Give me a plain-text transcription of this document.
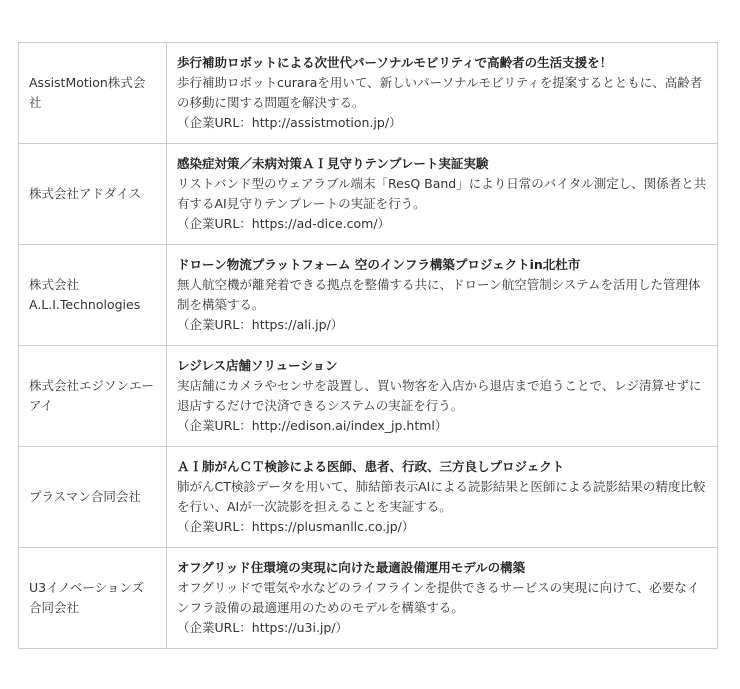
AssistMotion株式会社	歩行補助ロボットによる次世代パーソナルモビリティで高齢者の生活支援を！
歩行補助ロボットcuraraを用いて、新しいパーソナルモビリティを提案するとともに、高齢者の移動に関する問題を解決する。
（企業URL：http://assistmotion.jp/）

株式会社アドダイス	感染症対策／未病対策ＡＩ見守りテンプレート実証実験
リストバンド型のウェアラブル端末「ResQ Band」により日常のバイタル測定し、関係者と共有するAI見守りテンプレートの実証を行う。
（企業URL：https://ad-dice.com/）

株式会社A.L.I.Technologies	ドローン物流プラットフォーム 空のインフラ構築プロジェクトin北杜市
無人航空機が離発着できる拠点を整備する共に、ドローン航空管制システムを活用した管理体制を構築する。
（企業URL：https://ali.jp/）

株式会社エジソンエーアイ	レジレス店舗ソリューション
実店舗にカメラやセンサを設置し、買い物客を入店から退店まで追うことで、レジ清算せずに退店するだけで決済できるシステムの実証を行う。
（企業URL：http://edison.ai/index_jp.html）

プラスマン合同会社	ＡＩ肺がんＣＴ検診による医師、患者、行政、三方良しプロジェクト
肺がんCT検診データを用いて、肺結節表示AIによる読影結果と医師による読影結果の精度比較を行い、AIが一次読影を担えることを実証する。
（企業URL：https://plusmanllc.co.jp/）

U3イノベーションズ合同会社	オフグリッド住環境の実現に向けた最適設備運用モデルの構築
オフグリッドで電気や水などのライフラインを提供できるサービスの実現に向けて、必要なインフラ設備の最適運用のためのモデルを構築する。
（企業URL：https://u3i.jp/）
